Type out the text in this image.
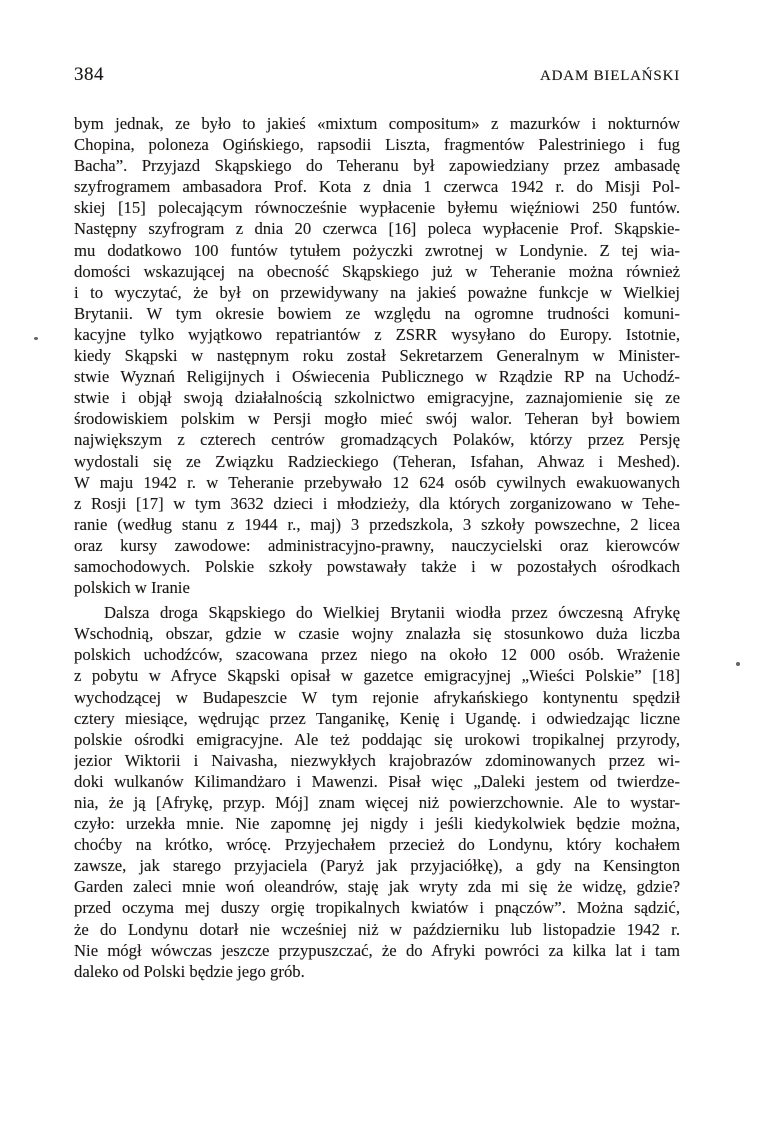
384	ADAM BIELAŃSKI
bym jednak, ze było to jakieś «mixtum compositum» z mazurków i nokturnów
Chopina, poloneza Ogińskiego, rapsodii Liszta, fragmentów Palestriniego i fug
Bacha”. Przyjazd Skąpskiego do Teheranu był zapowiedziany przez ambasadę
szyfrogramem ambasadora Prof. Kota z dnia 1 czerwca 1942 r. do Misji Pol-
skiej [15] polecającym równocześnie wypłacenie byłemu więźniowi 250 funtów.
Następny szyfrogram z dnia 20 czerwca [16] poleca wypłacenie Prof. Skąpskie-
mu dodatkowo 100 funtów tytułem pożyczki zwrotnej w Londynie. Z tej wia-
domości wskazującej na obecność Skąpskiego już w Teheranie można również
i to wyczytać, że był on przewidywany na jakieś poważne funkcje w Wielkiej
Brytanii. W tym okresie bowiem ze względu na ogromne trudności komuni-
kacyjne tylko wyjątkowo repatriantów z ZSRR wysyłano do Europy. Istotnie,
kiedy Skąpski w następnym roku został Sekretarzem Generalnym w Minister-
stwie Wyznań Religijnych i Oświecenia Publicznego w Rządzie RP na Uchodź-
stwie i objął swoją działalnością szkolnictwo emigracyjne, zaznajomienie się ze
środowiskiem polskim w Persji mogło mieć swój walor. Teheran był bowiem
największym z czterech centrów gromadzących Polaków, którzy przez Persję
wydostali się ze Związku Radzieckiego (Teheran, Isfahan, Ahwaz i Meshed).
W maju 1942 r. w Teheranie przebywało 12 624 osób cywilnych ewakuowanych
z Rosji [17] w tym 3632 dzieci i młodzieży, dla których zorganizowano w Tehe-
ranie (według stanu z 1944 r., maj) 3 przedszkola, 3 szkoły powszechne, 2 licea
oraz kursy zawodowe: administracyjno-prawny, nauczycielski oraz kierowców
samochodowych. Polskie szkoły powstawały także i w pozostałych ośrodkach
polskich w Iranie
Dalsza droga Skąpskiego do Wielkiej Brytanii wiodła przez ówczesną Afrykę
Wschodnią, obszar, gdzie w czasie wojny znalazła się stosunkowo duża liczba
polskich uchodźców, szacowana przez niego na około 12 000 osób. Wrażenie
z pobytu w Afryce Skąpski opisał w gazetce emigracyjnej „Wieści Polskie” [18]
wychodzącej w Budapeszcie W tym rejonie afrykańskiego kontynentu spędził
cztery miesiące, wędrując przez Tanganikę, Kenię i Ugandę. i odwiedzając liczne
polskie ośrodki emigracyjne. Ale też poddając się urokowi tropikalnej przyrody,
jezior Wiktorii i Naivasha, niezwykłych krajobrazów zdominowanych przez wi-
doki wulkanów Kilimandżaro i Mawenzi. Pisał więc „Daleki jestem od twierdze-
nia, że ją [Afrykę, przyp. Mój] znam więcej niż powierzchownie. Ale to wystar-
czyło: urzekła mnie. Nie zapomnę jej nigdy i jeśli kiedykolwiek będzie można,
choćby na krótko, wrócę. Przyjechałem przecież do Londynu, który kochałem
zawsze, jak starego przyjaciela (Paryż jak przyjaciółkę), a gdy na Kensington
Garden zaleci mnie woń oleandrów, staję jak wryty zda mi się że widzę, gdzie?
przed oczyma mej duszy orgię tropikalnych kwiatów i pnączów”. Można sądzić,
że do Londynu dotarł nie wcześniej niż w październiku lub listopadzie 1942 r.
Nie mógł wówczas jeszcze przypuszczać, że do Afryki powróci za kilka lat i tam
daleko od Polski będzie jego grób.
